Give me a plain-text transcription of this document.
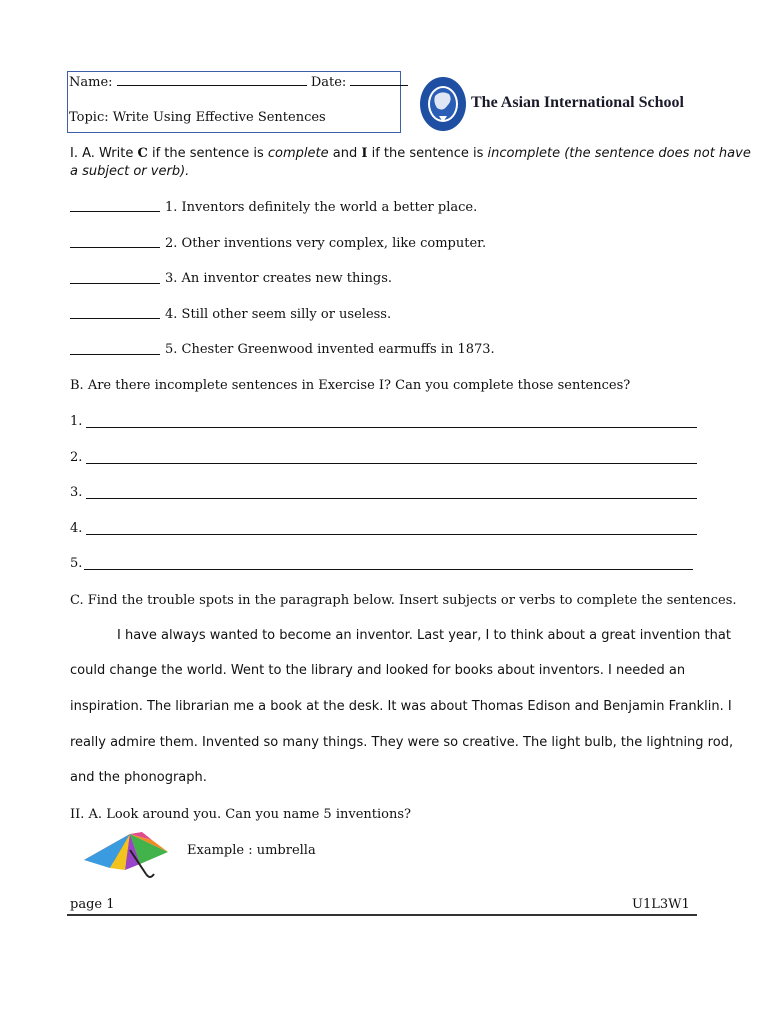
Name:	Date:
Topic: Write Using Effective Sentences
The Asian International School
I. A. Write C if the sentence is complete and I if the sentence is incomplete (the sentence does not have
a subject or verb).
1. Inventors definitely the world a better place.
2. Other inventions very complex, like computer.
3. An inventor creates new things.
4. Still other seem silly or useless.
5. Chester Greenwood invented earmuffs in 1873.
B. Are there incomplete sentences in Exercise I? Can you complete those sentences?
1.
2.
3.
4.
5.
C. Find the trouble spots in the paragraph below. Insert subjects or verbs to complete the sentences.
I have always wanted to become an inventor. Last year, I to think about a great invention that
could change the world. Went to the library and looked for books about inventors. I needed an
inspiration. The librarian me a book at the desk. It was about Thomas Edison and Benjamin Franklin. I
really admire them. Invented so many things. They were so creative. The light bulb, the lightning rod,
and the phonograph.
II. A. Look around you. Can you name 5 inventions?
Example : umbrella
page 1	U1L3W1
